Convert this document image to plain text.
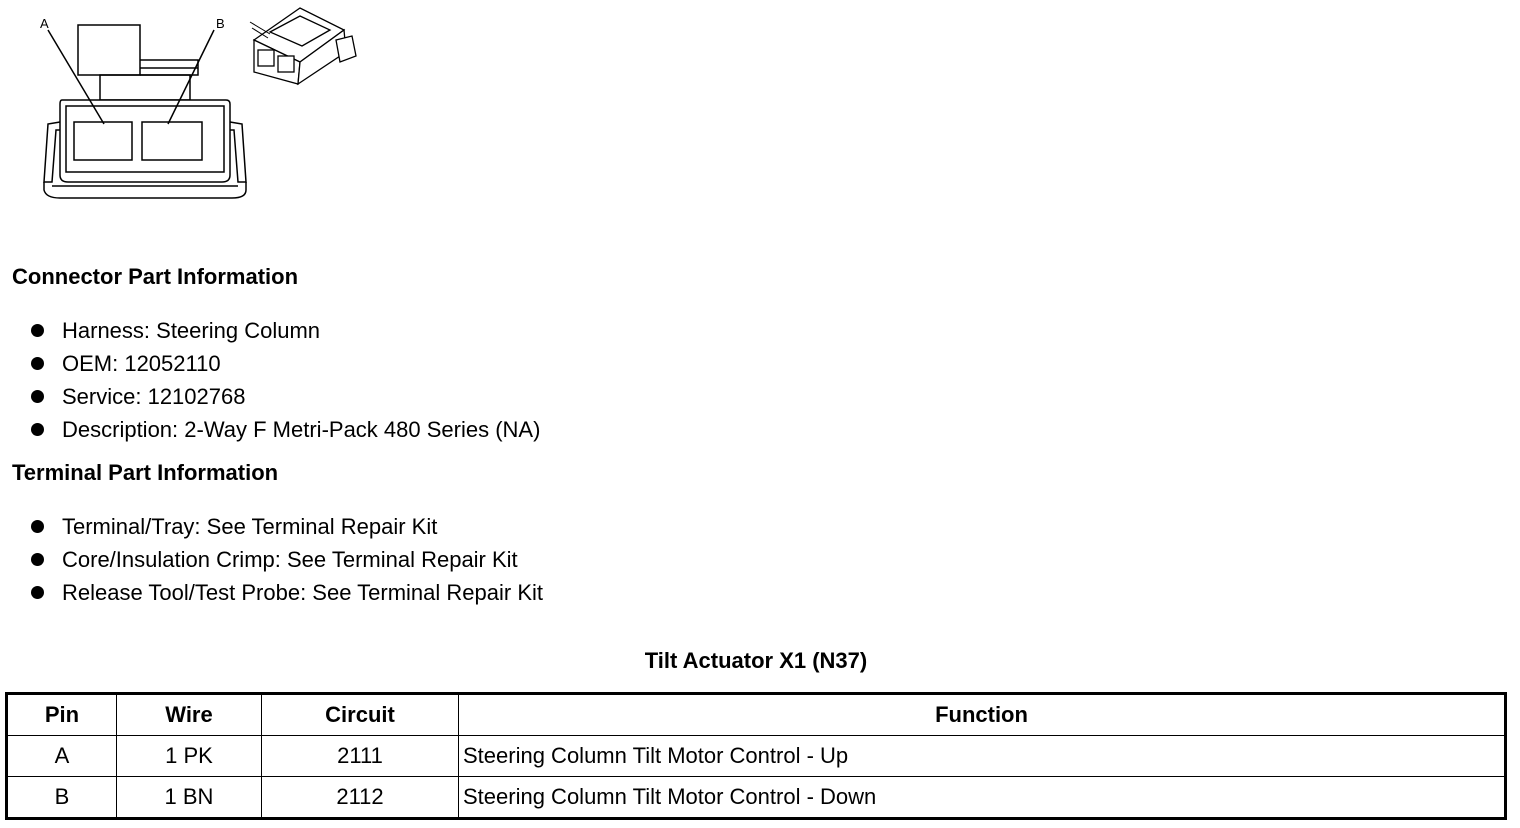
A	B
Connector Part Information
Harness: Steering Column
OEM: 12052110
Service: 12102768
Description: 2-Way F Metri-Pack 480 Series (NA)
Terminal Part Information
Terminal/Tray: See Terminal Repair Kit
Core/Insulation Crimp: See Terminal Repair Kit
Release Tool/Test Probe: See Terminal Repair Kit
Tilt Actuator X1 (N37)
Pin	Wire	Circuit	Function
A	1 PK	2111	Steering Column Tilt Motor Control - Up
B	1 BN	2112	Steering Column Tilt Motor Control - Down
